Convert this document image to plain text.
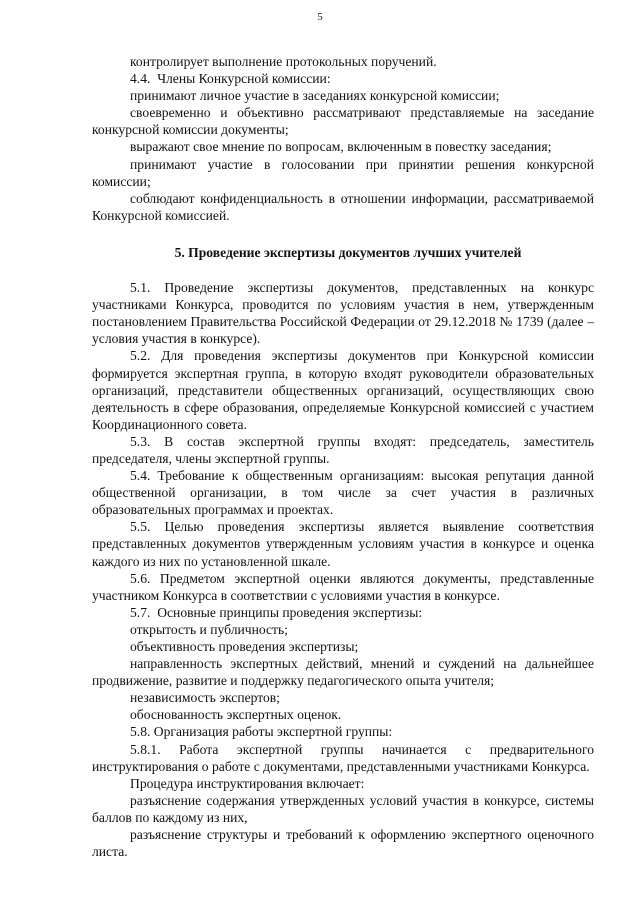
5

контролирует выполнение протокольных поручений.

4.4.  Члены Конкурсной комиссии:

принимают личное участие в заседаниях конкурсной комиссии;

своевременно и объективно рассматривают представляемые на заседание конкурсной комиссии документы;

выражают свое мнение по вопросам, включенным в повестку заседания;

принимают участие в голосовании при принятии решения конкурсной комиссии;

соблюдают конфиденциальность в отношении информации, рассматриваемой Конкурсной комиссией.

5. Проведение экспертизы документов лучших учителей

5.1. Проведение экспертизы документов, представленных на конкурс участниками Конкурса, проводится по условиям участия в нем, утвержденным постановлением Правительства Российской Федерации от 29.12.2018 № 1739 (далее – условия участия в конкурсе).

5.2. Для проведения экспертизы документов при Конкурсной комиссии формируется экспертная группа, в которую входят руководители образовательных организаций, представители общественных организаций, осуществляющих свою деятельность в сфере образования, определяемые Конкурсной комиссией с участием Координационного совета.

5.3. В состав экспертной группы входят: председатель, заместитель председателя, члены экспертной группы.

5.4. Требование к общественным организациям: высокая репутация данной общественной организации, в том числе за счет участия в различных образовательных программах и проектах.

5.5. Целью проведения экспертизы является выявление соответствия представленных документов утвержденным условиям участия в конкурсе и оценка каждого из них по установленной шкале.

5.6. Предметом экспертной оценки являются документы, представленные участником Конкурса в соответствии с условиями участия в конкурсе.

5.7.  Основные принципы проведения экспертизы:

открытость и публичность;

объективность проведения экспертизы;

направленность экспертных действий, мнений и суждений на дальнейшее продвижение, развитие и поддержку педагогического опыта учителя;

независимость экспертов;

обоснованность экспертных оценок.

5.8. Организация работы экспертной группы:

5.8.1. Работа экспертной группы начинается с предварительного инструктирования о работе с документами, представленными участниками Конкурса.

Процедура инструктирования включает:

разъяснение содержания утвержденных условий участия в конкурсе, системы баллов по каждому из них,

разъяснение структуры и требований к оформлению экспертного оценочного листа.
